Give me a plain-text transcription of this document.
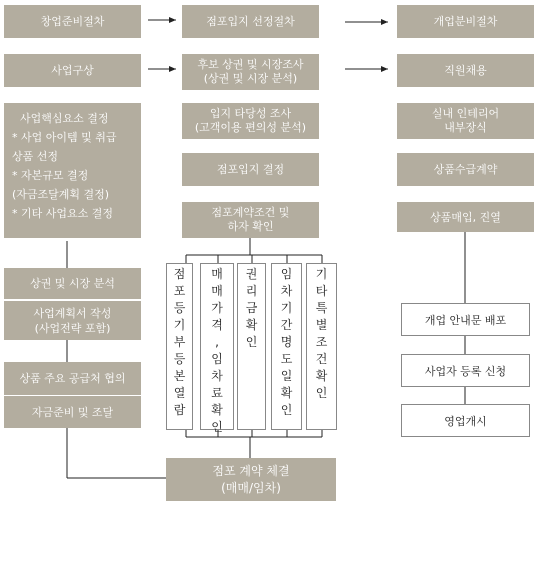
창업준비절차
사업구상
사업핵심요소 결정
* 사업 아이템 및 취급
상품 선정
* 자본규모 결정
(자금조달계획 결정)
* 기타 사업요소 결정
상권 및 시장 분석
사업계획서 작성
(사업전략 포함)
상품 주요 공급처 협의
자금준비 및 조달
점포입지 선정절차
후보 상권 및 시장조사
(상권 및 시장 분석)
입지 타당성 조사
(고객이용 편의성 분석)
점포입지 결정
점포계약조건 및
하자 확인
점
포
등
기
부
등
본
열
람
매
매
가
격
,
임
차
료
확
인
권
리
금
확
인
임
차
기
간
명
도
일
확
인
기
타
특
별
조
건
확
인
점포 계약 체결
(매매/임차)
개업분비절차
직원채용
실내 인테리어
내부장식
상품수급계약
상품매입, 진열
개업 안내문 배포
사업자 등록 신청
영업개시
